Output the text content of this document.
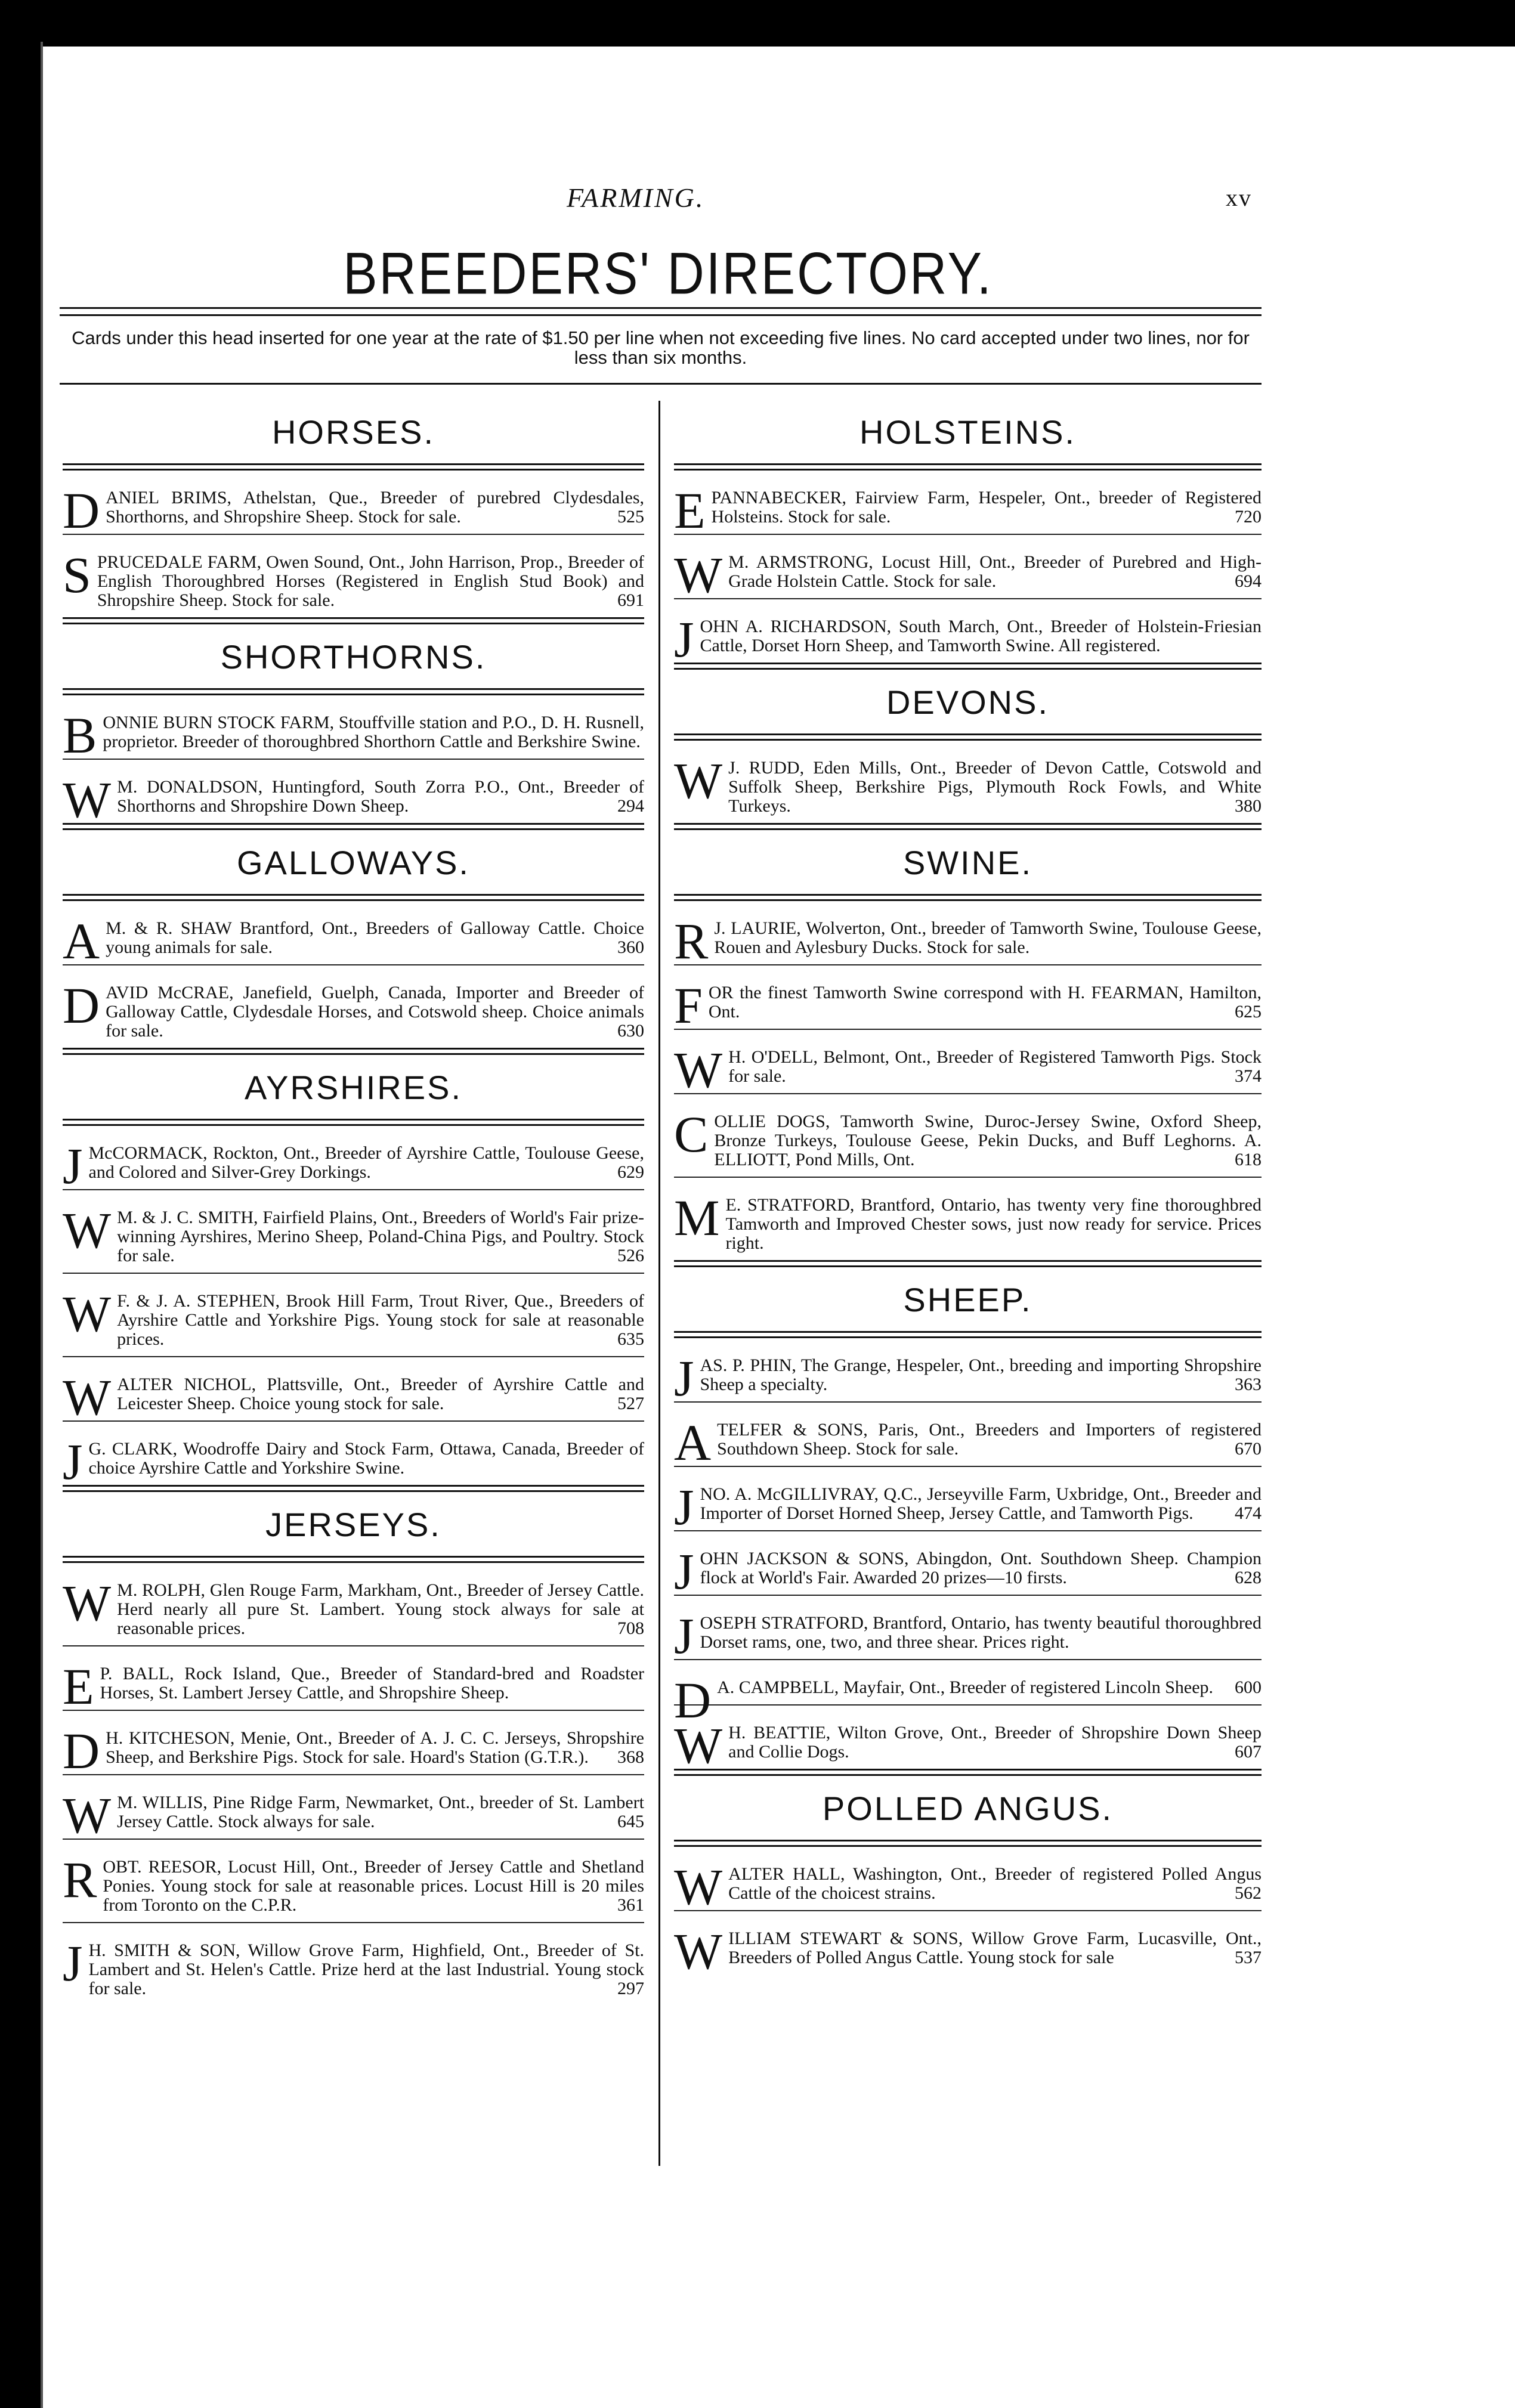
FARMING.	xv
BREEDERS' DIRECTORY.
Cards under this head inserted for one year at the rate of $1.50 per line when not exceeding five lines. No card accepted under two lines, nor for less than six months.
HORSES.

DANIEL BRIMS, Athelstan, Que., Breeder of purebred Clydesdales, Shorthorns, and Shropshire Sheep. Stock for sale.	525

SPRUCEDALE FARM, Owen Sound, Ont., John Harrison, Prop., Breeder of English Thoroughbred Horses (Registered in English Stud Book) and Shropshire Sheep. Stock for sale.	691
SHORTHORNS.

BONNIE BURN STOCK FARM, Stouffville station and P.O., D. H. Rusnell, proprietor. Breeder of thoroughbred Shorthorn Cattle and Berkshire Swine.

W M. DONALDSON, Huntingford, South Zorra P.O., Ont., Breeder of Shorthorns and Shropshire Down Sheep.	294
GALLOWAYS.

A M. & R. SHAW Brantford, Ont., Breeders of Galloway Cattle. Choice young animals for sale.	360

DAVID McCRAE, Janefield, Guelph, Canada, Importer and Breeder of Galloway Cattle, Clydesdale Horses, and Cotswold sheep. Choice animals for sale.	630
AYRSHIRES.

J McCORMACK, Rockton, Ont., Breeder of Ayrshire Cattle, Toulouse Geese, and Colored and Silver-Grey Dorkings.	629

W M. & J. C. SMITH, Fairfield Plains, Ont., Breeders of World's Fair prize-winning Ayrshires, Merino Sheep, Poland-China Pigs, and Poultry. Stock for sale.	526

W F. & J. A. STEPHEN, Brook Hill Farm, Trout River, Que., Breeders of Ayrshire Cattle and Yorkshire Pigs. Young stock for sale at reasonable prices.	635

WALTER NICHOL, Plattsville, Ont., Breeder of Ayrshire Cattle and Leicester Sheep. Choice young stock for sale.	527

J G. CLARK, Woodroffe Dairy and Stock Farm, Ottawa, Canada, Breeder of choice Ayrshire Cattle and Yorkshire Swine.

JERSEYS.

W M. ROLPH, Glen Rouge Farm, Markham, Ont., Breeder of Jersey Cattle. Herd nearly all pure St. Lambert. Young stock always for sale at reasonable prices.	708

E P. BALL, Rock Island, Que., Breeder of Standard-bred and Roadster Horses, St. Lambert Jersey Cattle, and Shropshire Sheep.

D H. KITCHESON, Menie, Ont., Breeder of A. J. C. C. Jerseys, Shropshire Sheep, and Berkshire Pigs. Stock for sale. Hoard's Station (G.T.R.).	368

W M. WILLIS, Pine Ridge Farm, Newmarket, Ont., breeder of St. Lambert Jersey Cattle. Stock always for sale.	645

ROBT. REESOR, Locust Hill, Ont., Breeder of Jersey Cattle and Shetland Ponies. Young stock for sale at reasonable prices. Locust Hill is 20 miles from Toronto on the C.P.R.	361

J H. SMITH & SON, Willow Grove Farm, Highfield, Ont., Breeder of St. Lambert and St. Helen's Cattle. Prize herd at the last Industrial. Young stock for sale.	297
HOLSTEINS.

EPANNABECKER, Fairview Farm, Hespeler, Ont., breeder of Registered Holsteins. Stock for sale.	720

W M. ARMSTRONG, Locust Hill, Ont., Breeder of Purebred and High-Grade Holstein Cattle. Stock for sale.	694

JOHN A. RICHARDSON, South March, Ont., Breeder of Holstein-Friesian Cattle, Dorset Horn Sheep, and Tamworth Swine. All registered.

DEVONS.

W J. RUDD, Eden Mills, Ont., Breeder of Devon Cattle, Cotswold and Suffolk Sheep, Berkshire Pigs, Plymouth Rock Fowls, and White Turkeys.	380
SWINE.

R J. LAURIE, Wolverton, Ont., breeder of Tamworth Swine, Toulouse Geese, Rouen and Aylesbury Ducks. Stock for sale.

FOR the finest Tamworth Swine correspond with H. FEARMAN, Hamilton, Ont.	625

W H. O'DELL, Belmont, Ont., Breeder of Registered Tamworth Pigs. Stock for sale.	374

COLLIE DOGS, Tamworth Swine, Duroc-Jersey Swine, Oxford Sheep, Bronze Turkeys, Toulouse Geese, Pekin Ducks, and Buff Leghorns. A. ELLIOTT, Pond Mills, Ont.	618

M E. STRATFORD, Brantford, Ontario, has twenty very fine thoroughbred Tamworth and Improved Chester sows, just now ready for service. Prices right.

SHEEP.

JAS. P. PHIN, The Grange, Hespeler, Ont., breeding and importing Shropshire Sheep a specialty.	363

ATELFER & SONS, Paris, Ont., Breeders and Importers of registered Southdown Sheep. Stock for sale.	670

JNO. A. McGILLIVRAY, Q.C., Jerseyville Farm, Uxbridge, Ont., Breeder and Importer of Dorset Horned Sheep, Jersey Cattle, and Tamworth Pigs.	474

JOHN JACKSON & SONS, Abingdon, Ont. Southdown Sheep. Champion flock at World's Fair. Awarded 20 prizes—10 firsts.	628

JOSEPH STRATFORD, Brantford, Ontario, has twenty beautiful thoroughbred Dorset rams, one, two, and three shear. Prices right.

D A. CAMPBELL, Mayfair, Ont., Breeder of registered Lincoln Sheep.	600

W H. BEATTIE, Wilton Grove, Ont., Breeder of Shropshire Down Sheep and Collie Dogs.	607
POLLED ANGUS.

WALTER HALL, Washington, Ont., Breeder of registered Polled Angus Cattle of the choicest strains.	562

WILLIAM STEWART & SONS, Willow Grove Farm, Lucasville, Ont., Breeders of Polled Angus Cattle. Young stock for sale	537
